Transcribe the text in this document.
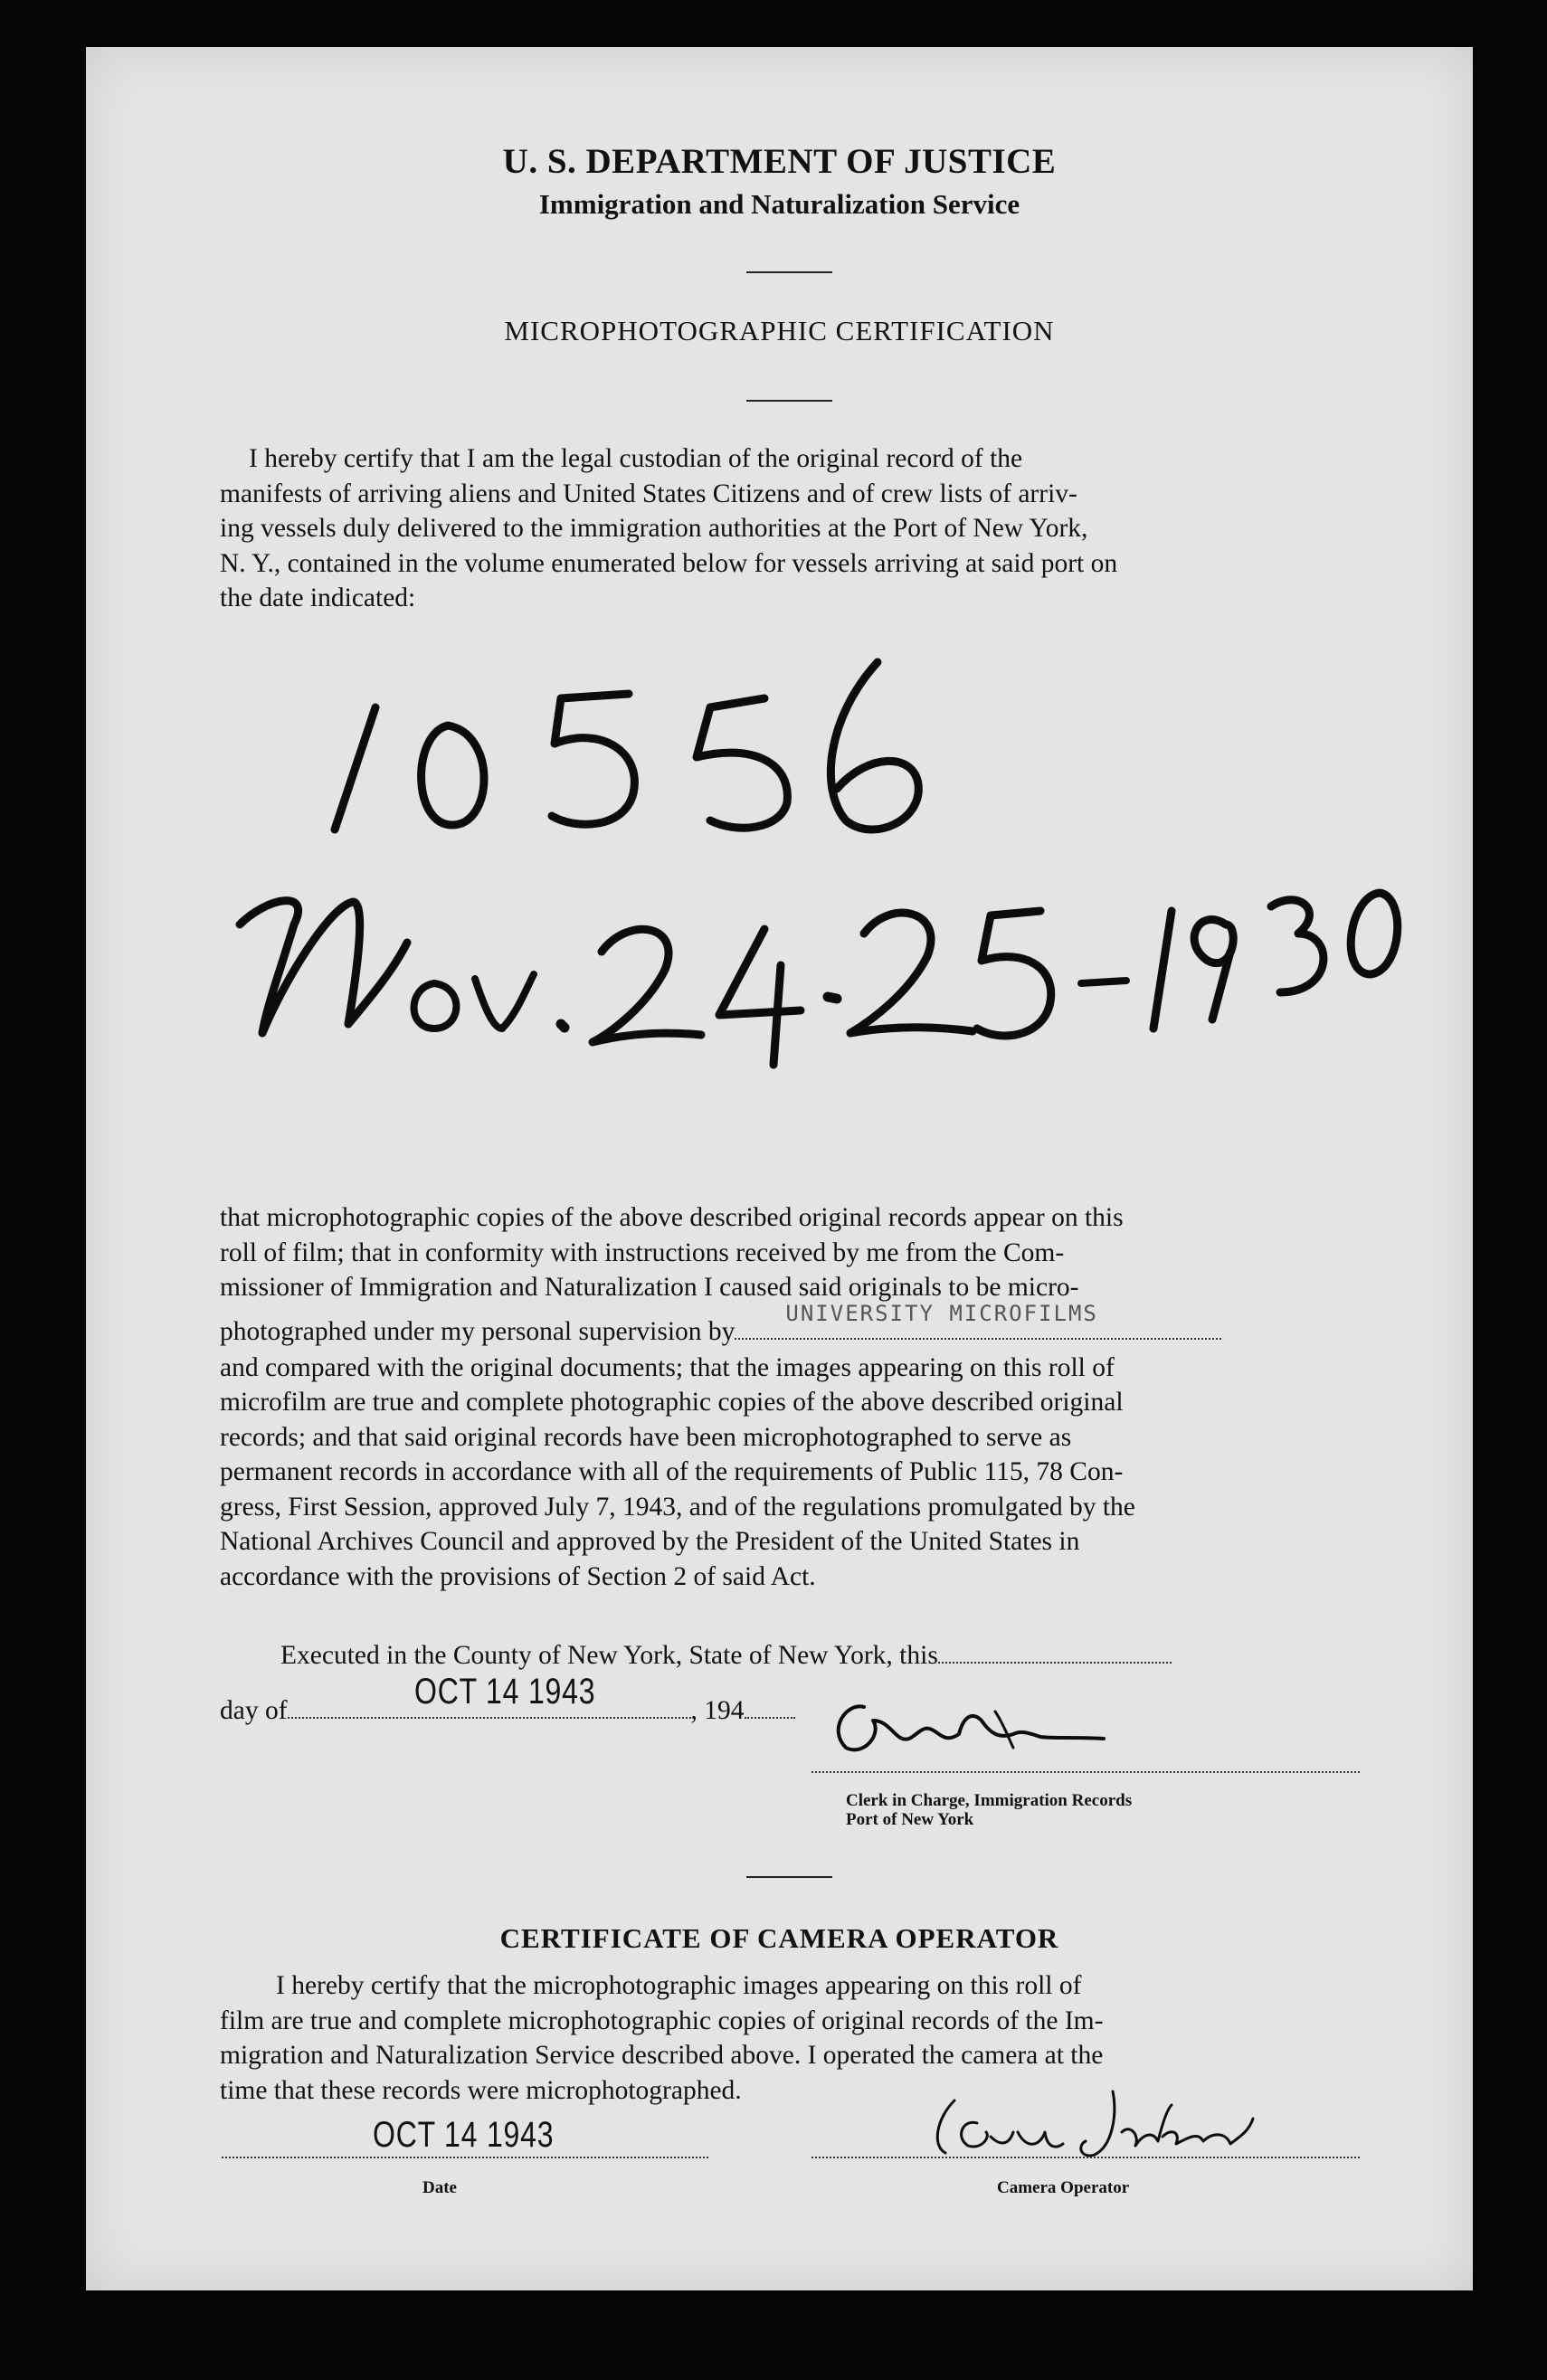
U. S. DEPARTMENT OF JUSTICE
Immigration and Naturalization Service
MICROPHOTOGRAPHIC CERTIFICATION

I hereby certify that I am the legal custodian of the original record of the

manifests of arriving aliens and United States Citizens and of crew lists of arriv-

ing vessels duly delivered to the immigration authorities at the Port of New York,

N. Y., contained in the volume enumerated below for vessels arriving at said port on

the date indicated:

that microphotographic copies of the above described original records appear on this

roll of film; that in conformity with instructions received by me from the Com-

missioner of Immigration and Naturalization I caused said originals to be micro-

photographed under my personal supervision by
UNIVERSITY MICROFILMS

and compared with the original documents; that the images appearing on this roll of

microfilm are true and complete photographic copies of the above described original

records; and that said original records have been microphotographed to serve as

permanent records in accordance with all of the requirements of Public 115, 78 Con-

gress, First Session, approved July 7, 1943, and of the regulations promulgated by the

National Archives Council and approved by the President of the United States in

accordance with the provisions of Section 2 of said Act.

Executed in the County of New York, State of New York, this
day of	OCT 14 1943	, 194
Clerk in Charge, Immigration Records
Port of New York
CERTIFICATE OF CAMERA OPERATOR

I hereby certify that the microphotographic images appearing on this roll of

film are true and complete microphotographic copies of original records of the Im-

migration and Naturalization Service described above. I operated the camera at the

time that these records were microphotographed.

OCT 14 1943
Date	Camera Operator
